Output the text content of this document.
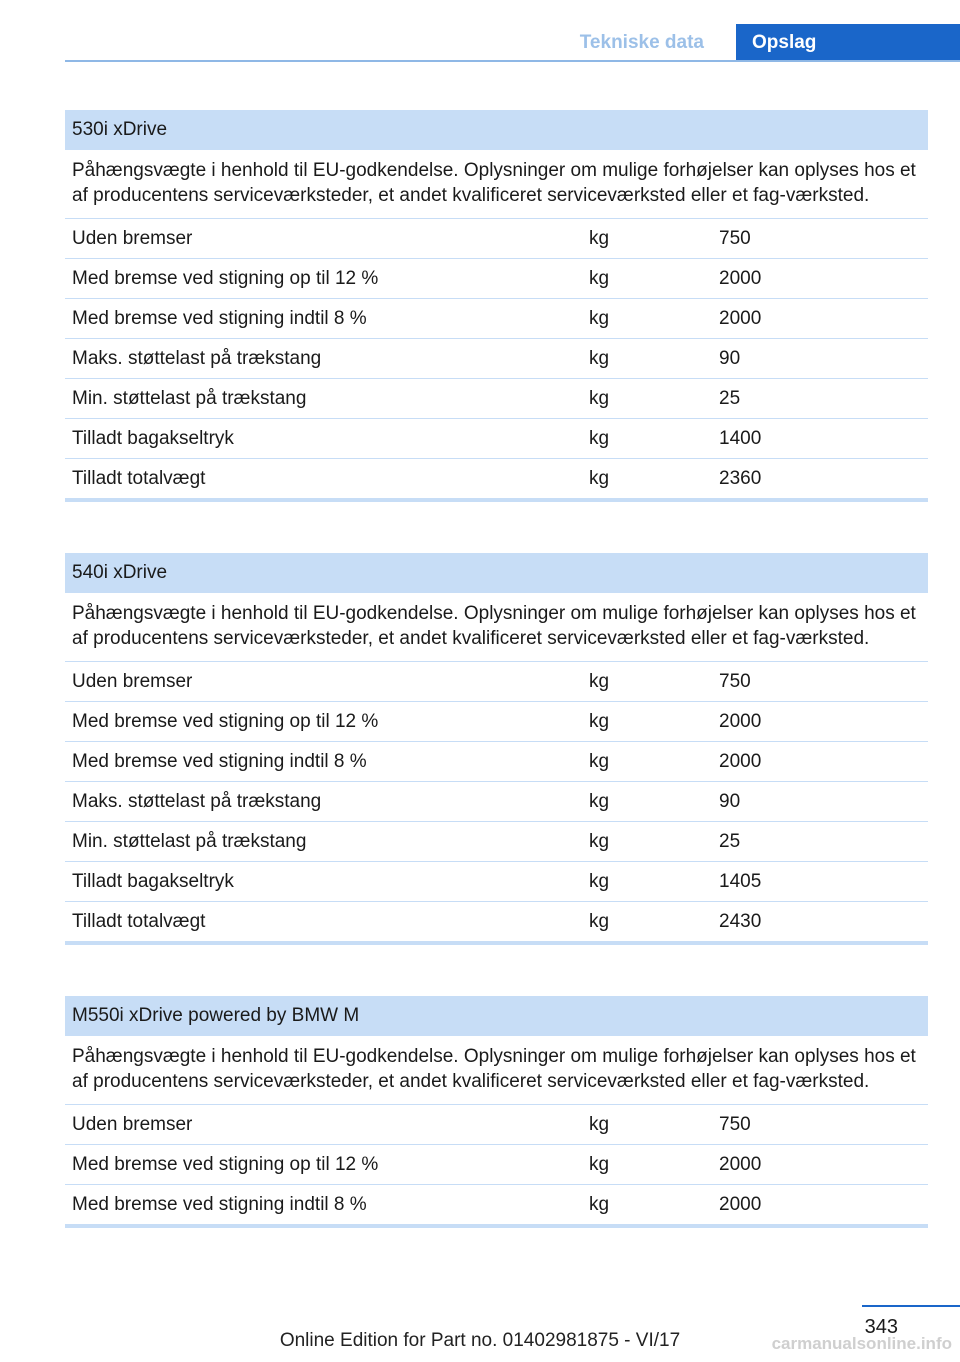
Tekniske data	Opslag
530i xDrive
Påhængsvægte i henhold til EU-godkendelse. Oplysninger om mulige forhøjelser kan oplyses hos et af producentens serviceværksteder, et andet kvalificeret serviceværksted eller et fag-værksted.
Uden bremser	kg	750
Med bremse ved stigning op til 12 %	kg	2000
Med bremse ved stigning indtil 8 %	kg	2000
Maks. støttelast på trækstang	kg	90
Min. støttelast på trækstang	kg	25
Tilladt bagakseltryk	kg	1400
Tilladt totalvægt	kg	2360
540i xDrive
Påhængsvægte i henhold til EU-godkendelse. Oplysninger om mulige forhøjelser kan oplyses hos et af producentens serviceværksteder, et andet kvalificeret serviceværksted eller et fag-værksted.
Uden bremser	kg	750
Med bremse ved stigning op til 12 %	kg	2000
Med bremse ved stigning indtil 8 %	kg	2000
Maks. støttelast på trækstang	kg	90
Min. støttelast på trækstang	kg	25
Tilladt bagakseltryk	kg	1405
Tilladt totalvægt	kg	2430
M550i xDrive powered by BMW M
Påhængsvægte i henhold til EU-godkendelse. Oplysninger om mulige forhøjelser kan oplyses hos et af producentens serviceværksteder, et andet kvalificeret serviceværksted eller et fag-værksted.
Uden bremser	kg	750
Med bremse ved stigning op til 12 %	kg	2000
Med bremse ved stigning indtil 8 %	kg	2000
343
Online Edition for Part no. 01402981875 - VI/17	carmanualsonline.info
